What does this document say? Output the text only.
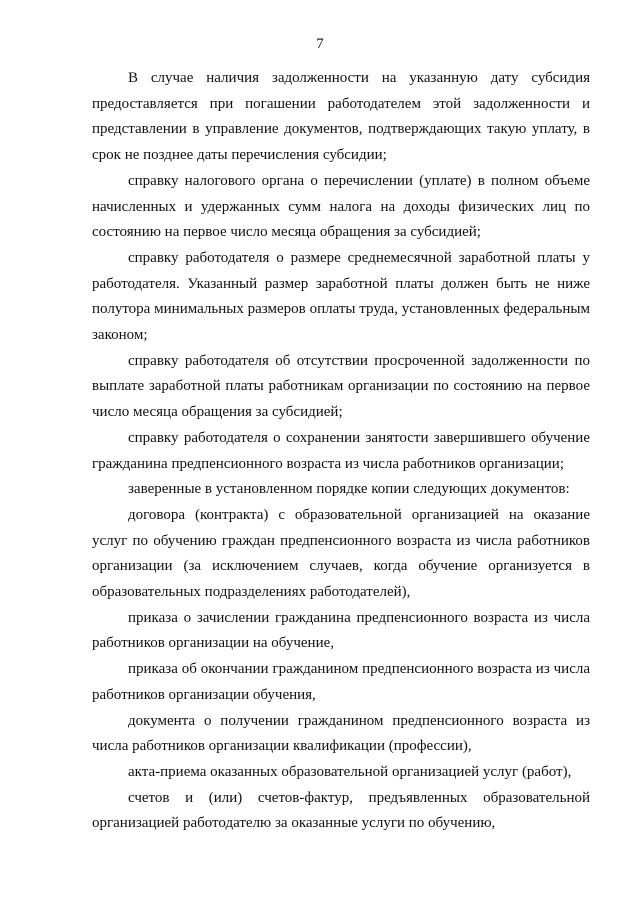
7

В случае наличия задолженности на указанную дату субсидия предоставляется при погашении работодателем этой задолженности и представлении в управление документов, подтверждающих такую уплату, в срок не позднее даты перечисления субсидии;

справку налогового органа о перечислении (уплате) в полном объеме начисленных и удержанных сумм налога на доходы физических лиц по состоянию на первое число месяца обращения за субсидией;

справку работодателя о размере среднемесячной заработной платы у работодателя. Указанный размер заработной платы должен быть не ниже полутора минимальных размеров оплаты труда, установленных федеральным законом;

справку работодателя об отсутствии просроченной задолженности по выплате заработной платы работникам организации по состоянию на первое число месяца обращения за субсидией;

справку работодателя о сохранении занятости завершившего обучение гражданина предпенсионного возраста из числа работников организации;

заверенные в установленном порядке копии следующих документов:

договора (контракта) с образовательной организацией на оказание услуг по обучению граждан предпенсионного возраста из числа работников организации (за исключением случаев, когда обучение организуется в образовательных подразделениях работодателей),

приказа о зачислении гражданина предпенсионного возраста из числа работников организации на обучение,

приказа об окончании гражданином предпенсионного возраста из числа работников организации обучения,

документа о получении гражданином предпенсионного возраста из числа работников организации квалификации (профессии),

акта-приема оказанных образовательной организацией услуг (работ),

счетов и (или) счетов-фактур, предъявленных образовательной организацией работодателю за оказанные услуги по обучению,
